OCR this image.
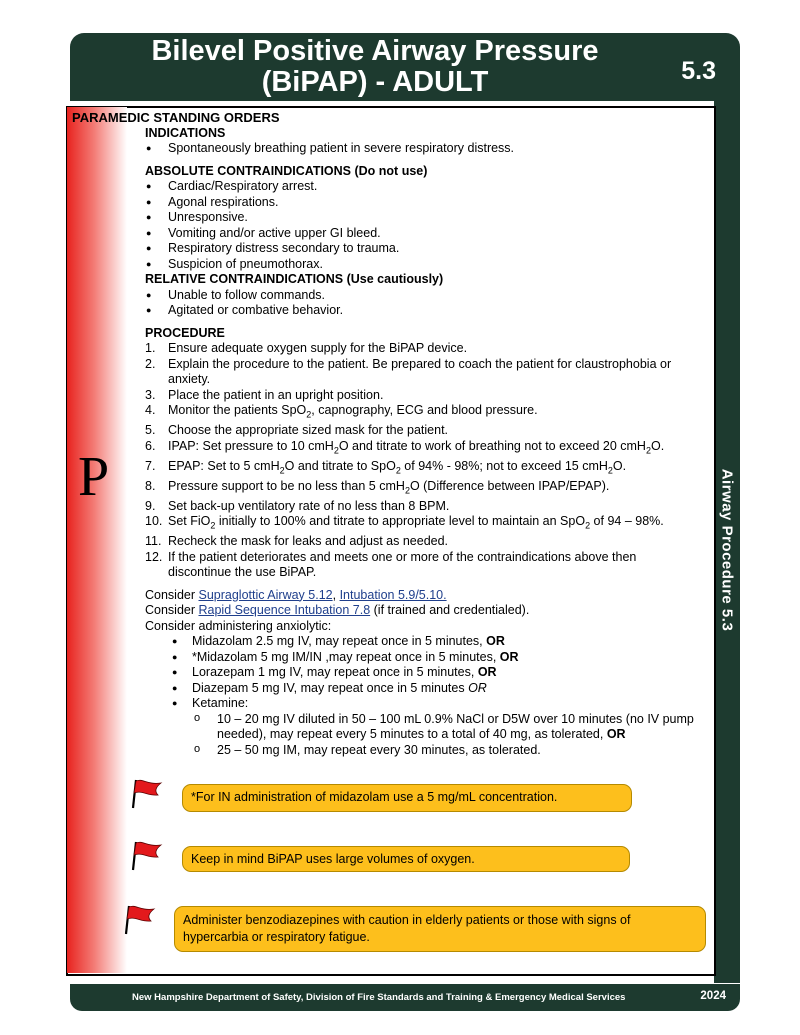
Bilevel Positive Airway Pressure
(BiPAP) - ADULT	5.3
Airway Procedure 5.3
P
PARAMEDIC STANDING ORDERS
INDICATIONS
● Spontaneously breathing patient in severe respiratory distress.
ABSOLUTE CONTRAINDICATIONS (Do not use)
● Cardiac/Respiratory arrest.
● Agonal respirations.
● Unresponsive.
● Vomiting and/or active upper GI bleed.
● Respiratory distress secondary to trauma.
● Suspicion of pneumothorax.
RELATIVE CONTRAINDICATIONS (Use cautiously)
● Unable to follow commands.
● Agitated or combative behavior.
PROCEDURE
1. Ensure adequate oxygen supply for the BiPAP device.
2. Explain the procedure to the patient. Be prepared to coach the patient for claustrophobia or anxiety.
3. Place the patient in an upright position.
4. Monitor the patients SpO$_2$, capnography, ECG and blood pressure.
5. Choose the appropriate sized mask for the patient.
6. IPAP: Set pressure to 10 cmH$_2$O and titrate to work of breathing not to exceed 20 cmH$_2$O.
7. EPAP: Set to 5 cmH$_2$O and titrate to SpO$_2$ of 94% - 98%; not to exceed 15 cmH$_2$O.
8. Pressure support to be no less than 5 cmH$_2$O (Difference between IPAP/EPAP).
9. Set back-up ventilatory rate of no less than 8 BPM.
10. Set FiO$_2$ initially to 100% and titrate to appropriate level to maintain an SpO$_2$ of 94 – 98%.
11. Recheck the mask for leaks and adjust as needed.
12. If the patient deteriorates and meets one or more of the contraindications above then discontinue the use BiPAP.
Consider Supraglottic Airway 5.12, Intubation 5.9/5.10.
Consider Rapid Sequence Intubation 7.8 (if trained and credentialed).
Consider administering anxiolytic:
● Midazolam 2.5 mg IV, may repeat once in 5 minutes, OR
● *Midazolam 5 mg IM/IN ,may repeat once in 5 minutes, OR
● Lorazepam 1 mg IV, may repeat once in 5 minutes, OR
● Diazepam 5 mg IV, may repeat once in 5 minutes OR
● Ketamine:
o 10 – 20 mg IV diluted in 50 – 100 mL 0.9% NaCl or D5W over 10 minutes (no IV pump needed), may repeat every 5 minutes to a total of 40 mg, as tolerated, OR
o 25 – 50 mg IM, may repeat every 30 minutes, as tolerated.
*For IN administration of midazolam use a 5 mg/mL concentration.
Keep in mind BiPAP uses large volumes of oxygen.
Administer benzodiazepines with caution in elderly patients or those with signs of hypercarbia or respiratory fatigue.
New Hampshire Department of Safety, Division of Fire Standards and Training & Emergency Medical Services	2024
